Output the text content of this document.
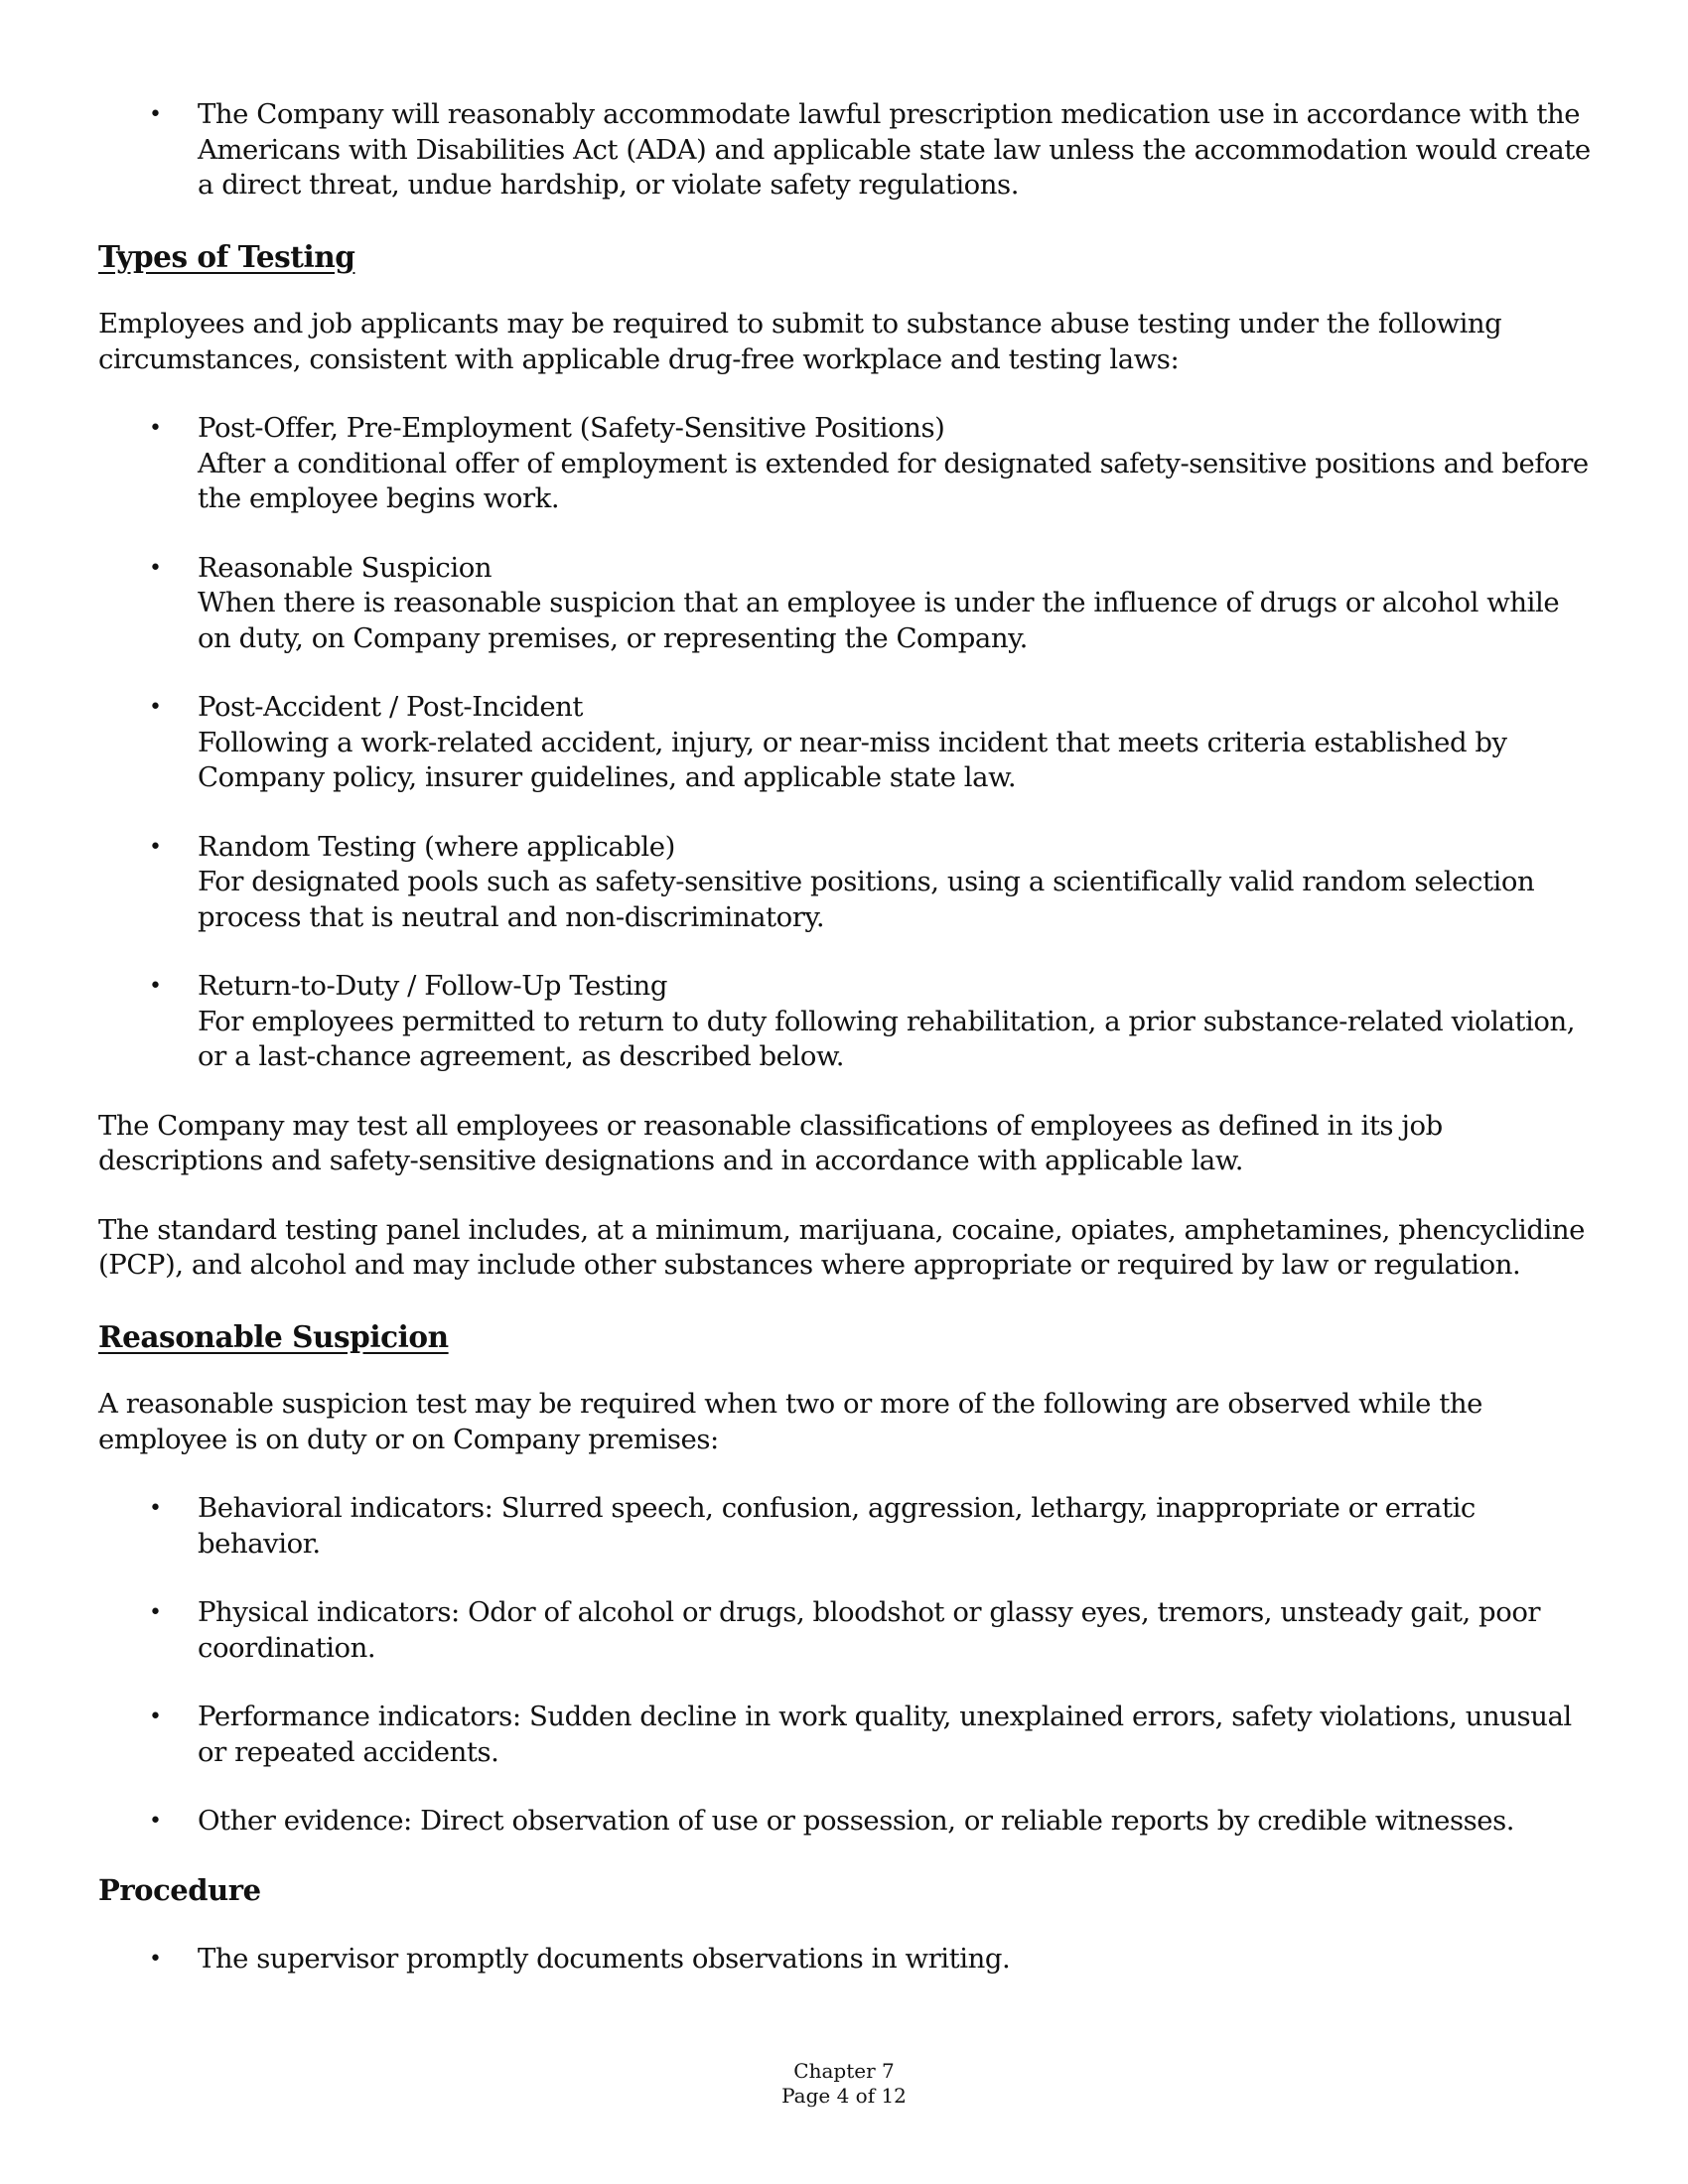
• The Company will reasonably accommodate lawful prescription medication use in accordance with the Americans with Disabilities Act (ADA) and applicable state law unless the accommodation would create a direct threat, undue hardship, or violate safety regulations.
Types of Testing

Employees and job applicants may be required to submit to substance abuse testing under the following circumstances, consistent with applicable drug-free workplace and testing laws:

• Post-Offer, Pre-Employment (Safety-Sensitive Positions)
After a conditional offer of employment is extended for designated safety-sensitive positions and before the employee begins work.
• Reasonable Suspicion
When there is reasonable suspicion that an employee is under the influence of drugs or alcohol while on duty, on Company premises, or representing the Company.
• Post-Accident / Post-Incident
Following a work-related accident, injury, or near-miss incident that meets criteria established by Company policy, insurer guidelines, and applicable state law.
• Random Testing (where applicable)
For designated pools such as safety-sensitive positions, using a scientifically valid random selection process that is neutral and non-discriminatory.
• Return-to-Duty / Follow-Up Testing
For employees permitted to return to duty following rehabilitation, a prior substance-related violation, or a last-chance agreement, as described below.

The Company may test all employees or reasonable classifications of employees as defined in its job descriptions and safety-sensitive designations and in accordance with applicable law.

The standard testing panel includes, at a minimum, marijuana, cocaine, opiates, amphetamines, phencyclidine (PCP), and alcohol and may include other substances where appropriate or required by law or regulation.

Reasonable Suspicion

A reasonable suspicion test may be required when two or more of the following are observed while the employee is on duty or on Company premises:

• Behavioral indicators: Slurred speech, confusion, aggression, lethargy, inappropriate or erratic behavior.
• Physical indicators: Odor of alcohol or drugs, bloodshot or glassy eyes, tremors, unsteady gait, poor coordination.
• Performance indicators: Sudden decline in work quality, unexplained errors, safety violations, unusual or repeated accidents.
• Other evidence: Direct observation of use or possession, or reliable reports by credible witnesses.
Procedure
• The supervisor promptly documents observations in writing.
Chapter 7
Page 4 of 12
